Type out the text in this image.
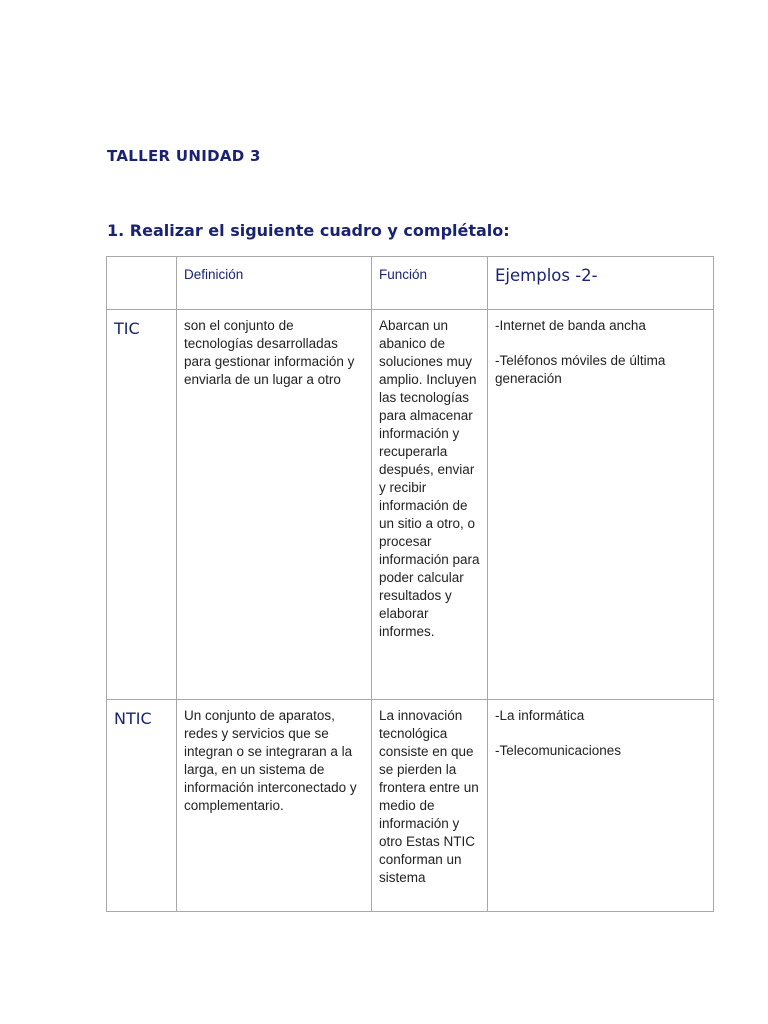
TALLER UNIDAD 3
1. Realizar el siguiente cuadro y complétalo:
	Definición	Función	Ejemplos -2-
TIC	son el conjunto de tecnologías desarrolladas para gestionar información y enviarla de un lugar a otro	Abarcan un abanico de soluciones muy amplio. Incluyen las tecnologías para almacenar información y recuperarla después, enviar y recibir información de un sitio a otro, o procesar información para poder calcular resultados y elaborar informes.	-Internet de banda ancha
-Teléfonos móviles de última generación

NTIC	Un conjunto de aparatos, redes y servicios que se integran o se integraran a la larga, en un sistema de información interconectado y complementario.	La innovación tecnológica consiste en que se pierden la frontera entre un medio de información y otro Estas NTIC conforman un sistema	-La informática
-Telecomunicaciones
